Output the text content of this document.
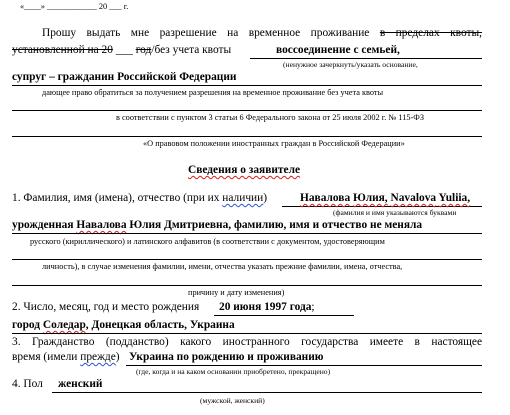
«____» ____________ 20 ___ г.
Прошу выдать мне разрешение на временное проживание в пределах квоты,
установленной на 20 ___ год/без учета квоты	воссоединение с семьей,
(ненужное зачеркнуть/указать основание,
супруг – гражданин Российской Федерации
дающее право обратиться за получением разрешения на временное проживание без учета квоты
в соответствии с пунктом 3 статьи 6 Федерального закона от 25 июля 2002 г. № 115-ФЗ
«О правовом положении иностранных граждан в Российской Федерации»
Сведения о заявителе
1. Фамилия, имя (имена), отчество (при их наличии)	Навалова Юлия, Navalova Yuliia,
(фамилия и имя указываются буквами
урожденная Навалова Юлия Дмитриевна, фамилию, имя и отчество не меняла
русского (кириллического) и латинского алфавитов (в соответствии с документом, удостоверяющим
личность), в случае изменения фамилии, имени, отчества указать прежние фамилии, имена, отчества,
причину и дату изменения)
2. Число, месяц, год и место рождения 20 июня 1997 года;
город Соледар, Донецкая область, Украина
3. Гражданство (подданство) какого иностранного государства имеете в настоящее
время (имели прежде) Украина по рождению и проживанию
(где, когда и на каком основании приобретено, прекращено)
4. Пол женский
(мужской, женский)
